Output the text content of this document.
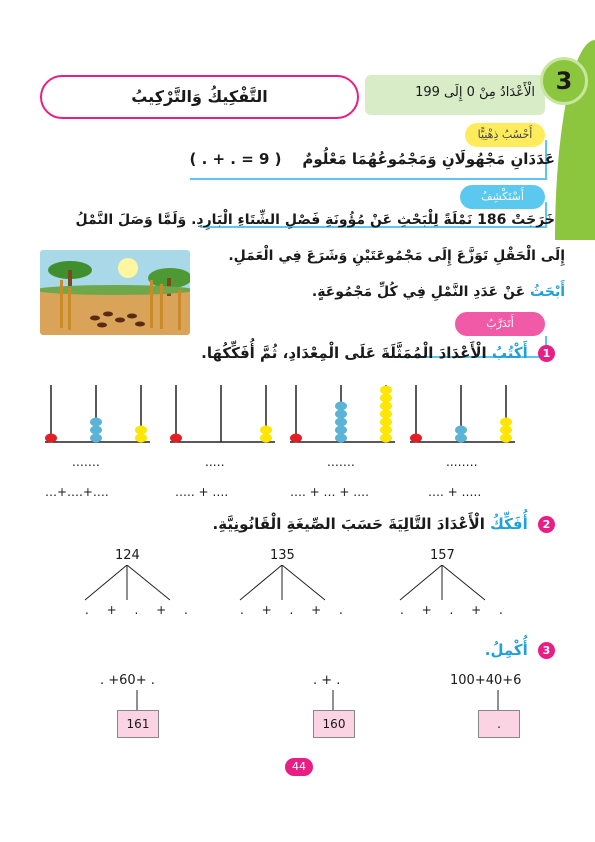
الْأَعْدَادُ مِنْ 0 إِلَى 199 3
التَّفْكِيكُ وَالتَّرْكِيبُ
أَحْسُبُ ذِهْنِيًّا
عَدَدَانِ مَجْهُولَانِ وَمَجْمُوعُهُمَا مَعْلُومٌ    ( . + . = 9 )
أَسْتَكْشِفُ
خَرَجَتْ 186 نَمْلَةً لِلْبَحْثِ عَنْ مُؤُونَةِ فَصْلِ الشِّتَاءِ الْبَارِدِ. وَلَمَّا وَصَلَ النَّمْلُ
إِلَى الْحَقْلِ تَوَزَّعَ إِلَى مَجْمُوعَتَيْنِ وَشَرَعَ فِي الْعَمَلِ.
أَبْحَثُ عَنْ عَدَدِ النَّمْلِ فِي كُلِّ مَجْمُوعَةٍ.
أَتَدَرَّبُ
1 أَكْتُبُ الْأَعْدَادَ الْمُمَثَّلَةَ عَلَى الْمِعْدَادِ، ثُمَّ أُفَكِّكُهَا.
…….	…..	…….	……..
…+….+….	….. + ….	…. + … + ….	…. + …..
2 أُفَكِّكُ الْأَعْدَادَ التَّالِيَةَ حَسَبَ الصِّيغَةِ الْقَانُونِيَّةِ.
124	135	157
. + . + .	. + . + .	. + . + .
3 أُكْمِلُ.
. +60+ .	. + .	100+40+6
161	160	.
44
